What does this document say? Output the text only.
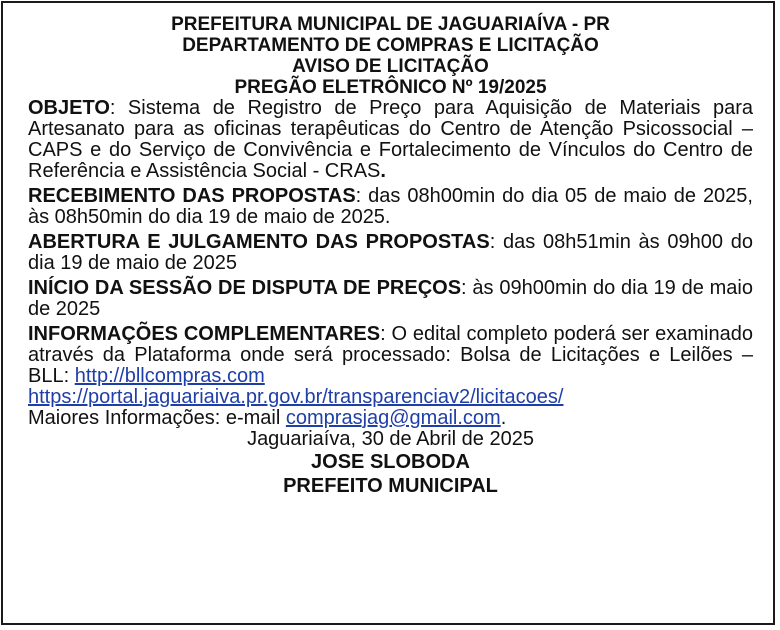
PREFEITURA MUNICIPAL DE JAGUARIAÍVA - PR
DEPARTAMENTO DE COMPRAS E LICITAÇÃO
AVISO DE LICITAÇÃO
PREGÃO ELETRÔNICO Nº 19/2025

OBJETO: Sistema de Registro de Preço para Aquisição de Materiais para Artesanato para as oficinas terapêuticas do Centro de Atenção Psicossocial – CAPS e do Serviço de Convivência e Fortalecimento de Vínculos do Centro de Referência e Assistência Social - CRAS.

RECEBIMENTO DAS PROPOSTAS: das 08h00min do dia 05 de maio de 2025, às 08h50min do dia 19 de maio de 2025.

ABERTURA E JULGAMENTO DAS PROPOSTAS: das 08h51min às 09h00 do dia 19 de maio de 2025

INÍCIO DA SESSÃO DE DISPUTA DE PREÇOS: às 09h00min do dia 19 de maio de 2025

INFORMAÇÕES COMPLEMENTARES: O edital completo poderá ser examinado através da Plataforma onde será processado: Bolsa de Licitações e Leilões – BLL: http://bllcompras.com
https://portal.jaguariaiva.pr.gov.br/transparenciav2/licitacoes/
Maiores Informações: e-mail comprasjag@gmail.com.

Jaguariaíva, 30 de Abril de 2025
JOSE SLOBODA
PREFEITO MUNICIPAL
